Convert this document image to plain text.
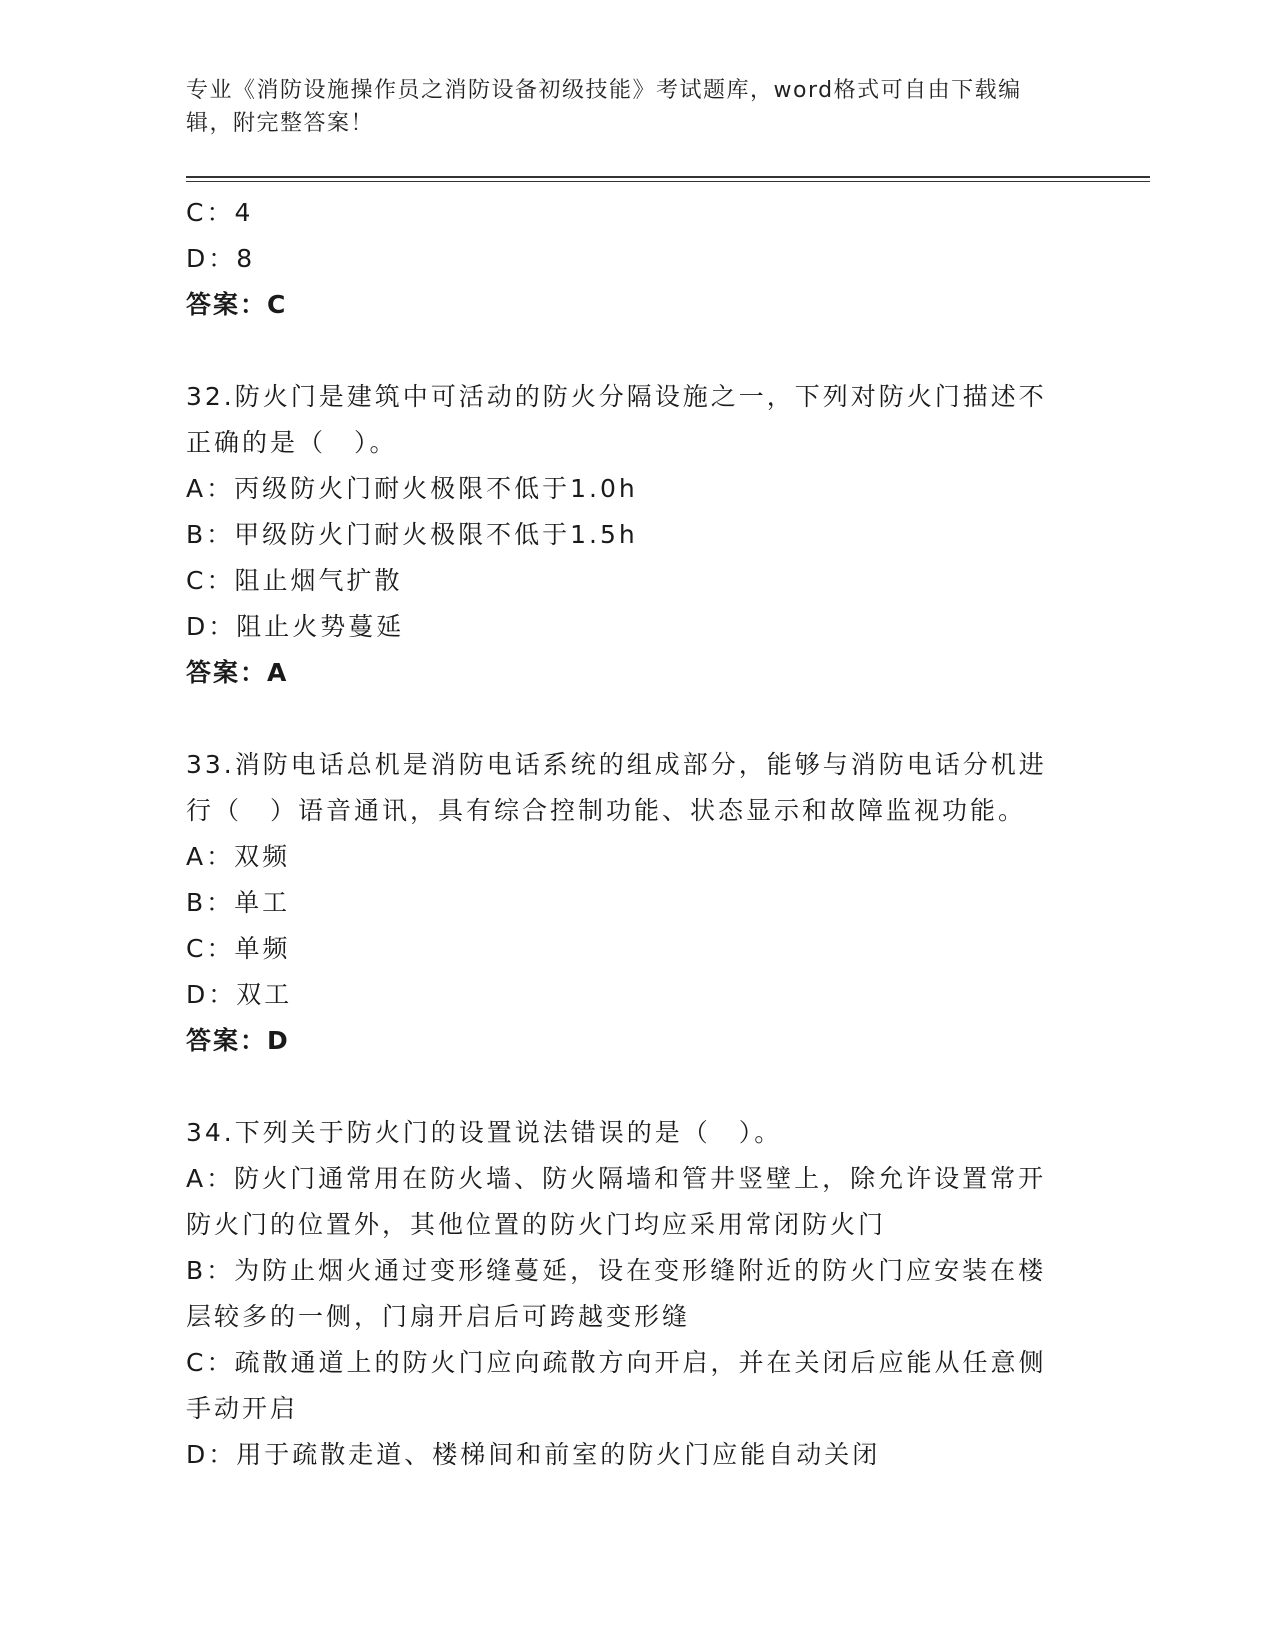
专业《消防设施操作员之消防设备初级技能》考试题库，word格式可自由下载编
辑，附完整答案！
C：4
D：8
答案：C
32.防火门是建筑中可活动的防火分隔设施之一，下列对防火门描述不
正确的是（　）。
A：丙级防火门耐火极限不低于1.0h
B：甲级防火门耐火极限不低于1.5h
C：阻止烟气扩散
D：阻止火势蔓延
答案：A
33.消防电话总机是消防电话系统的组成部分，能够与消防电话分机进
行（　）语音通讯，具有综合控制功能、状态显示和故障监视功能。
A：双频
B：单工
C：单频
D：双工
答案：D
34.下列关于防火门的设置说法错误的是（　）。
A：防火门通常用在防火墙、防火隔墙和管井竖壁上，除允许设置常开
防火门的位置外，其他位置的防火门均应采用常闭防火门
B：为防止烟火通过变形缝蔓延，设在变形缝附近的防火门应安装在楼
层较多的一侧，门扇开启后可跨越变形缝
C：疏散通道上的防火门应向疏散方向开启，并在关闭后应能从任意侧
手动开启
D：用于疏散走道、楼梯间和前室的防火门应能自动关闭
